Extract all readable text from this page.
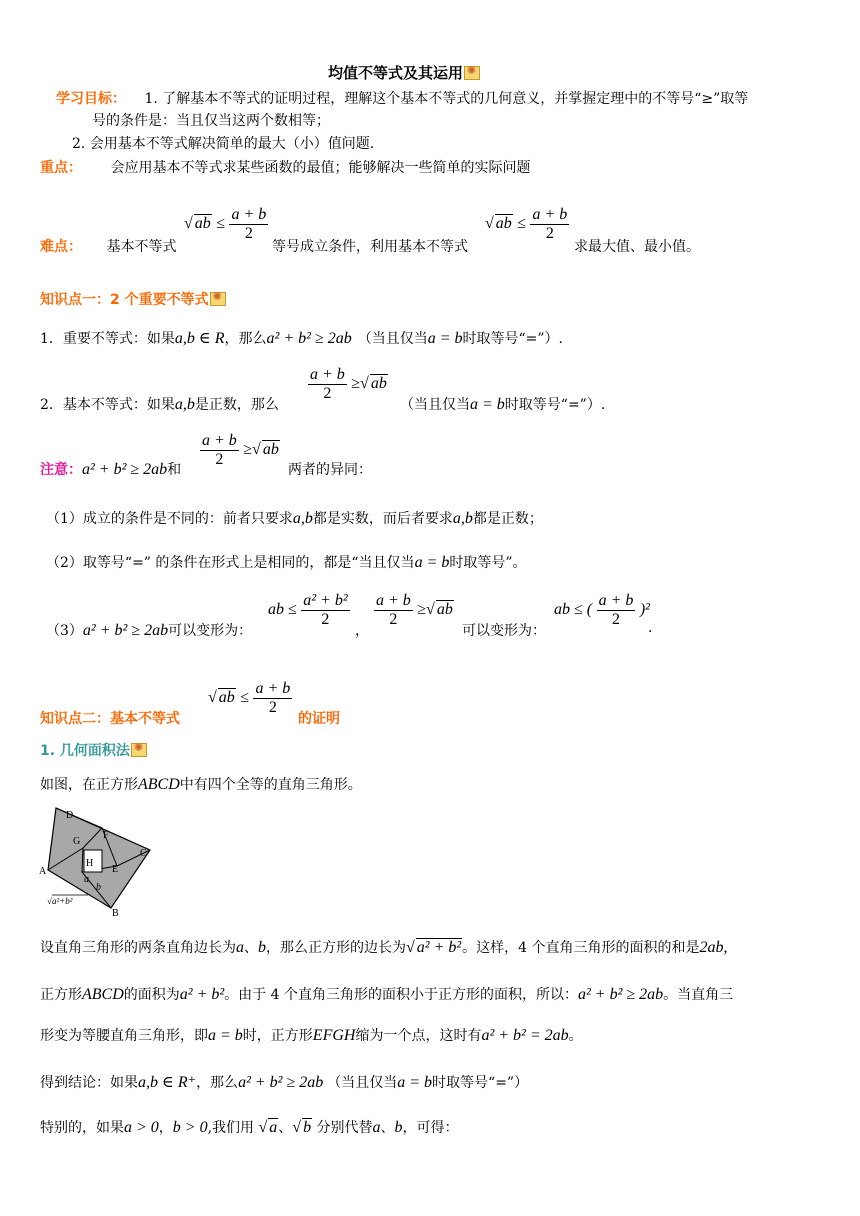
均值不等式及其运用✺
学习目标： 1. 了解基本不等式的证明过程，理解这个基本不等式的几何意义，并掌握定理中的不等号“≥”取等
号的条件是：当且仅当这两个数相等；
2. 会用基本不等式解决简单的最大（小）值问题.
重点： 会应用基本不等式求某些函数的最值；能够解决一些简单的实际问题
难点： 基本不等式
√ ab ≤ $\frac{a + b}{2}$
等号成立条件，利用基本不等式
√ ab ≤ $\frac{a + b}{2}$
求最大值、最小值。
知识点一：2 个重要不等式✺
1．重要不等式：如果a,b ∈ R，那么a² + b² ≥ 2ab （当且仅当a = b时取等号“=”）.
2．基本不等式：如果a,b是正数，那么
$\frac{a + b}{2}$ ≥√ ab
（当且仅当a = b时取等号“=”）.
注意：a² + b² ≥ 2ab和
$\frac{a + b}{2}$ ≥√ ab
两者的异同：
（1）成立的条件是不同的：前者只要求a,b都是实数，而后者要求a,b都是正数；
（2）取等号“=” 的条件在形式上是相同的，都是“当且仅当a = b时取等号”。
（3）a² + b² ≥ 2ab可以变形为：
ab ≤ $\frac{\text{a² + b²}}{2}$
，
$\frac{a + b}{2}$ ≥√ ab
可以变形为：
ab ≤ ( $\frac{a + b}{2} )^2$
.
知识点二：基本不等式
√ ab ≤ $\frac{a + b}{2}$
的证明
1. 几何面积法✺
如图，在正方形ABCD中有四个全等的直角三角形。
D
F
C
G
H
A
a
b
E
B
√a²+b²
设直角三角形的两条直角边长为a、b，那么正方形的边长为√ a² + b²。这样，4 个直角三角形的面积的和是2ab,
正方形ABCD的面积为a² + b²。由于 4 个直角三角形的面积小于正方形的面积，所以：a² + b² ≥ 2ab。当直角三
形变为等腰直角三角形，即a = b时，正方形EFGH缩为一个点，这时有a² + b² = 2ab。
得到结论：如果a,b ∈ R⁺，那么a² + b² ≥ 2ab （当且仅当a = b时取等号“=”）
特别的，如果a > 0，b > 0,我们用 √ a、√ b 分别代替a、b，可得：
